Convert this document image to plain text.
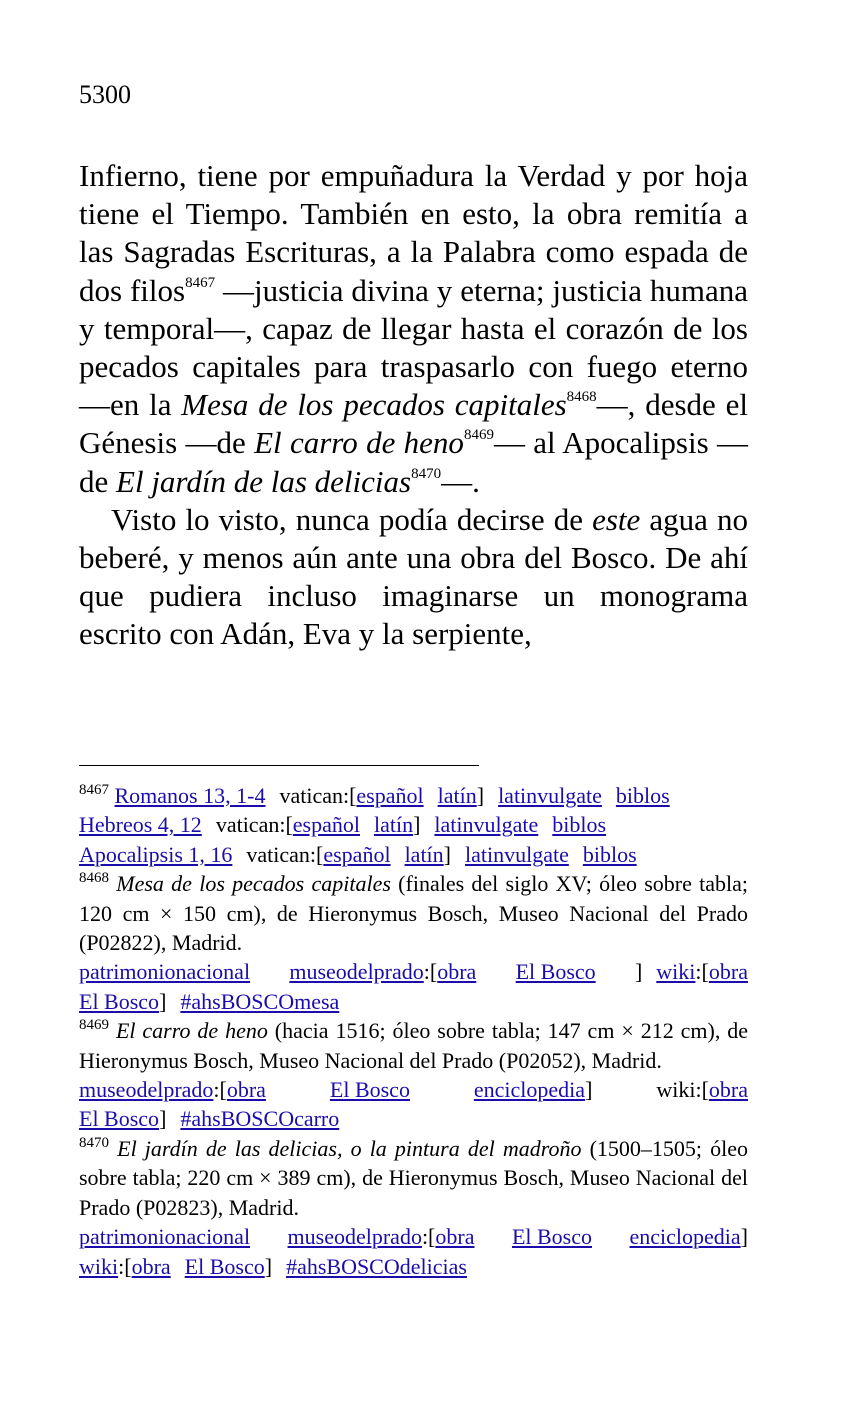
5300

Infierno, tiene por empuñadura la Verdad y por hoja tiene el Tiempo. También en esto, la obra remitía a las Sagradas Escrituras, a la Palabra como espada de dos filos$^{8467}$ —justicia divina y eterna; justicia humana y temporal—, capaz de llegar hasta el corazón de los pecados capitales para traspasarlo con fuego eterno —en la Mesa de los pecados capitales$^{8468}$—, desde el Génesis —de El carro de heno$^{8469}$— al Apocalipsis —de El jardín de las delicias$^{8470}$—.

Visto lo visto, nunca podía decirse de este agua no beberé, y menos aún ante una obra del Bosco. De ahí que pudiera incluso imaginarse un monograma escrito con Adán, Eva y la serpiente,

$^{8467}$ Romanos 13, 1-4 vatican:[español latín] latinvulgate biblos
Hebreos 4, 12 vatican:[español latín] latinvulgate biblos
Apocalipsis 1, 16 vatican:[español latín] latinvulgate biblos
$^{8468}$ Mesa de los pecados capitales (finales del siglo XV; óleo sobre tabla; 120 cm × 150 cm), de Hieronymus Bosch, Museo Nacional del Prado (P02822), Madrid.
patrimonionacional museodelprado:[obra El Bosco ] wiki:[obra
El Bosco] #ahsBOSCOmesa
$^{8469}$ El carro de heno (hacia 1516; óleo sobre tabla; 147 cm × 212 cm), de Hieronymus Bosch, Museo Nacional del Prado (P02052), Madrid.
museodelprado:[obra	El Bosco	enciclopedia]	wiki:[obra
El Bosco] #ahsBOSCOcarro
$^{8470}$ El jardín de las delicias, o la pintura del madroño (1500–1505; óleo sobre tabla; 220 cm × 389 cm), de Hieronymus Bosch, Museo Nacional del Prado (P02823), Madrid.
patrimonionacional museodelprado:[obra El Bosco enciclopedia]
wiki:[obra El Bosco] #ahsBOSCOdelicias
